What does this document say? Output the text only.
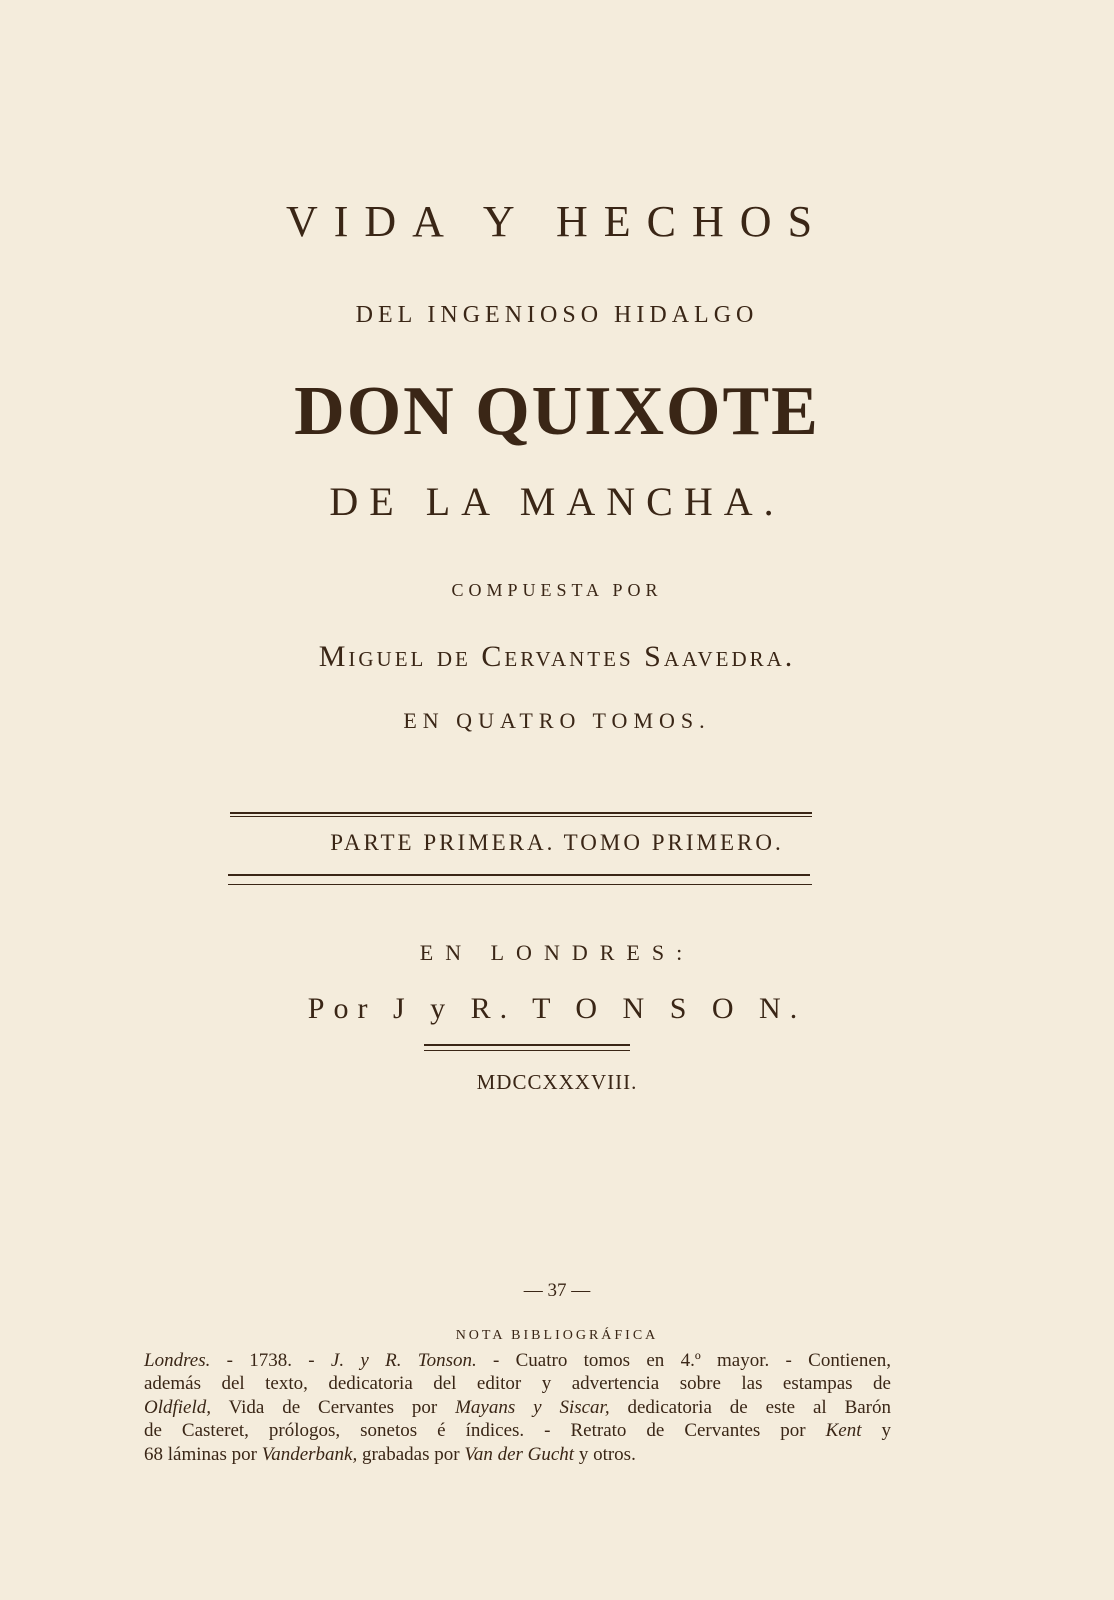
VIDA Y HECHOS
DEL INGENIOSO HIDALGO
DON QUIXOTE
DE LA MANCHA.
COMPUESTA POR
Miguel de Cervantes Saavedra.
EN QUATRO TOMOS.
PARTE PRIMERA. TOMO PRIMERO.
EN LONDRES:
Por J y R. T O N S O N.
MDCCXXXVIII.
— 37 —
NOTA BIBLIOGRÁFICA
Londres. - 1738. - J. y R. Tonson. - Cuatro tomos en 4.º mayor. - Contienen,
además del texto, dedicatoria del editor y advertencia sobre las estampas de
Oldfield, Vida de Cervantes por Mayans y Siscar, dedicatoria de este al Barón
de Casteret, prólogos, sonetos é índices. - Retrato de Cervantes por Kent y
68 láminas por Vanderbank, grabadas por Van der Gucht y otros.
